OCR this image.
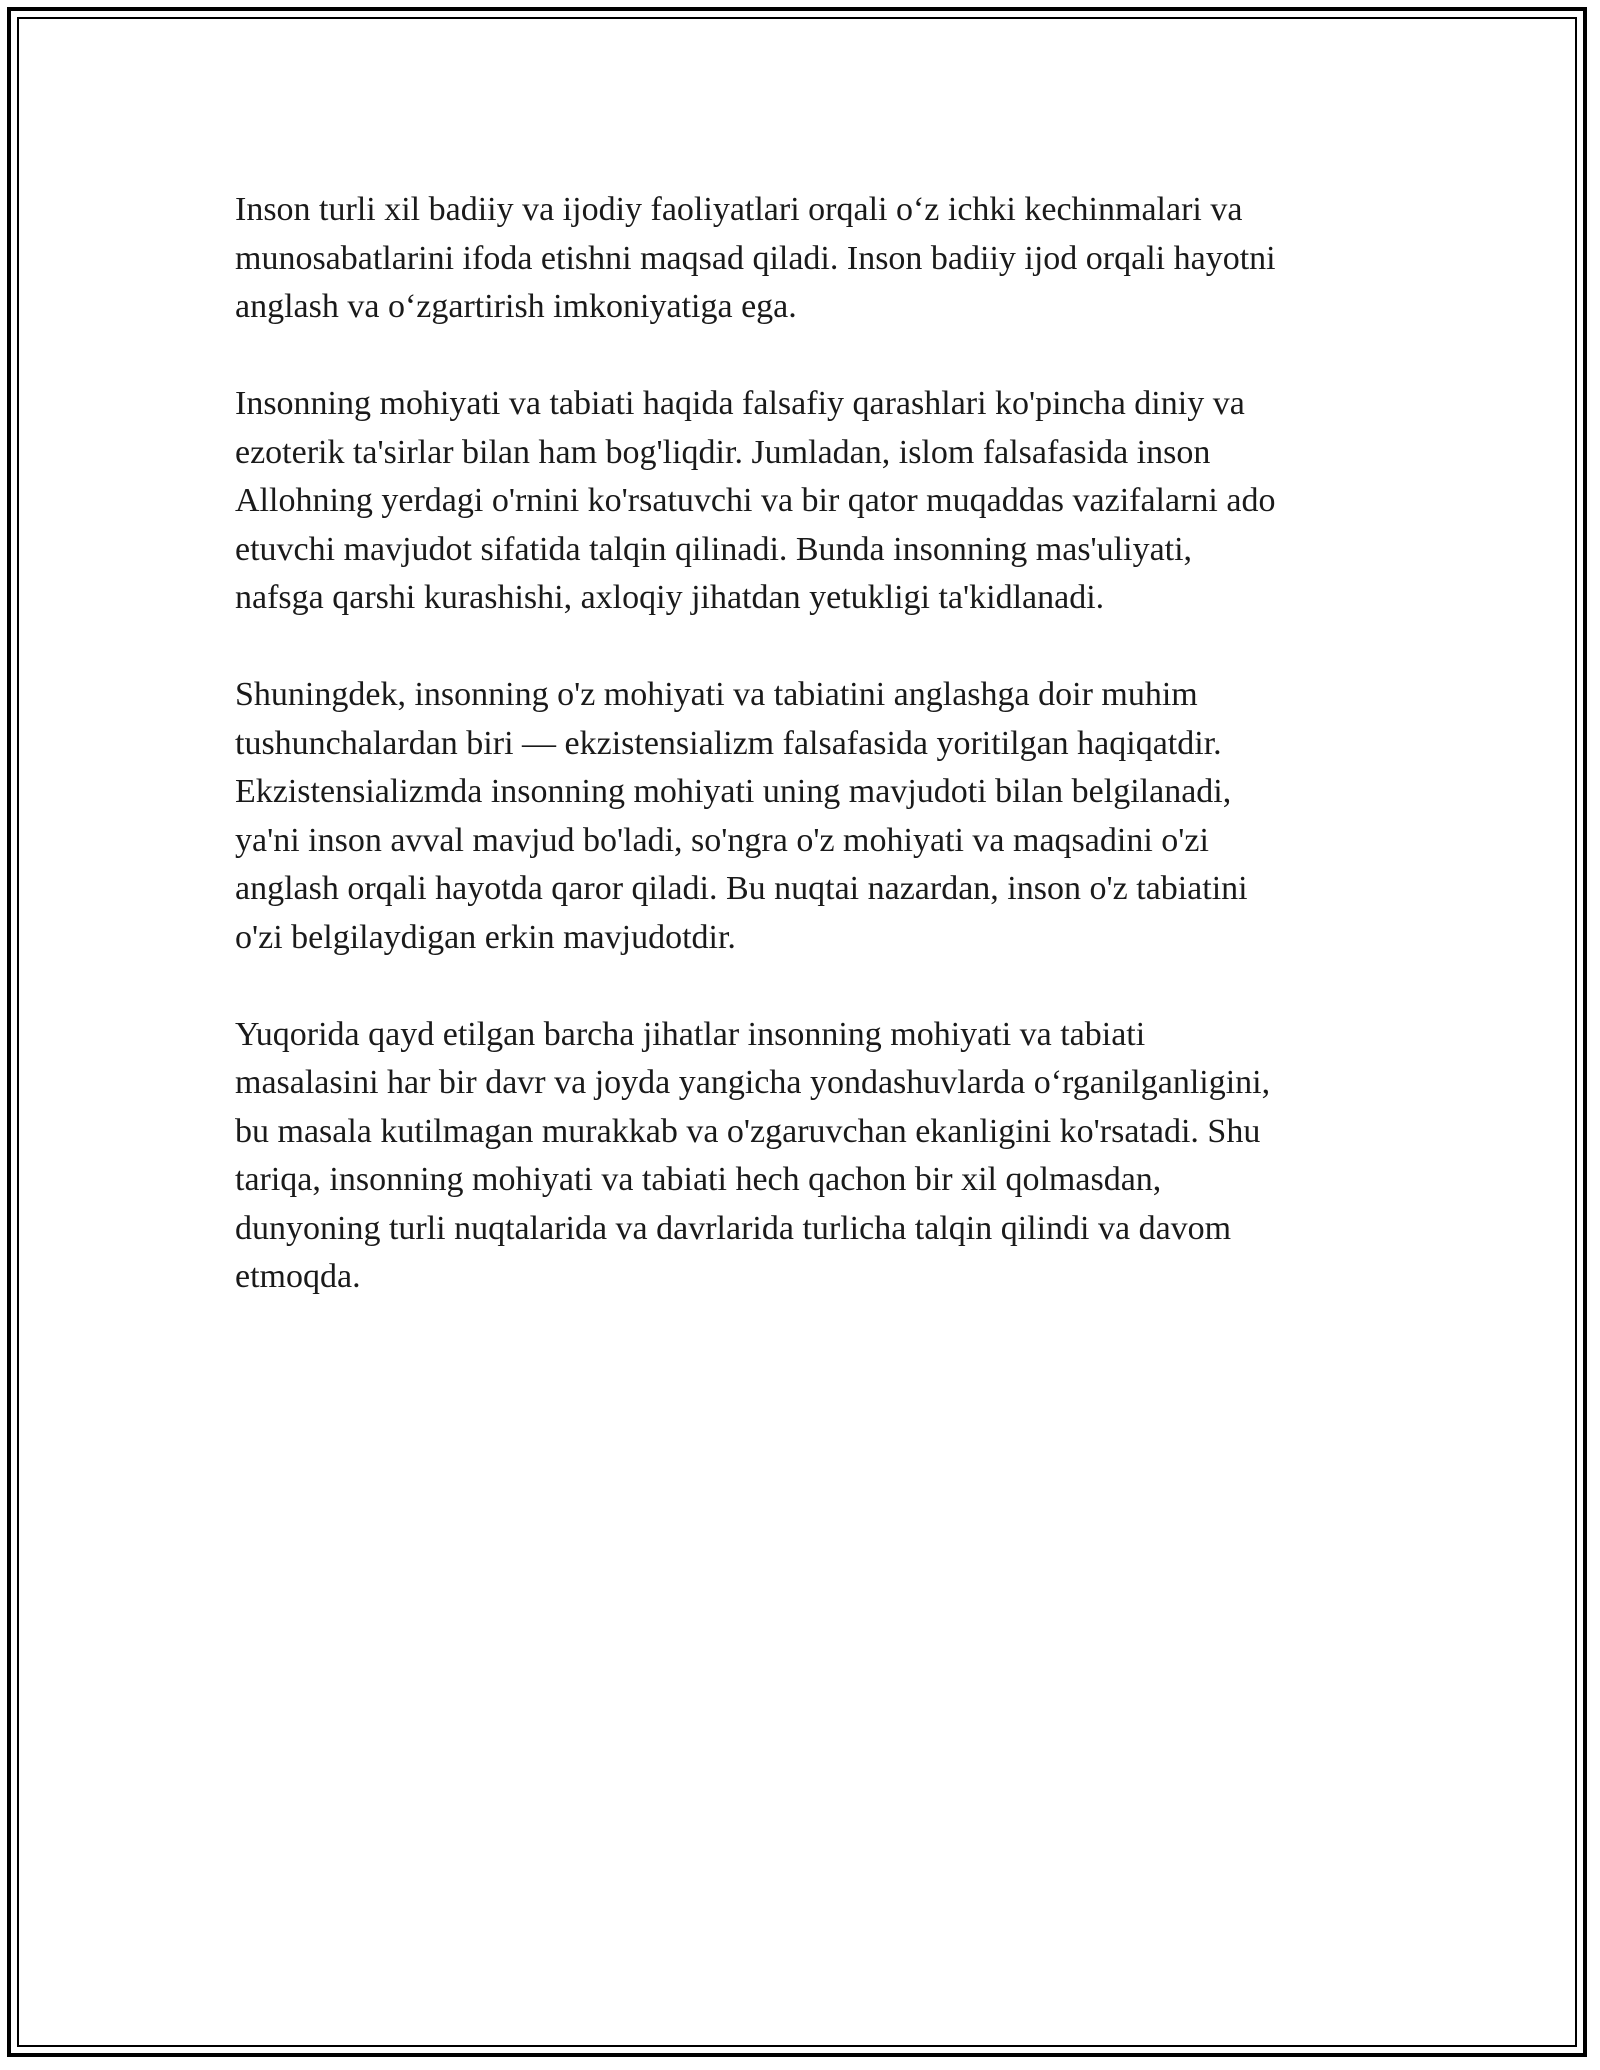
Inson turli xil badiiy va ijodiy faoliyatlari orqali o‘z ichki kechinmalari va
munosabatlarini ifoda etishni maqsad qiladi. Inson badiiy ijod orqali hayotni
anglash va o‘zgartirish imkoniyatiga ega.

Insonning mohiyati va tabiati haqida falsafiy qarashlari ko'pincha diniy va
ezoterik ta'sirlar bilan ham bog'liqdir. Jumladan, islom falsafasida inson
Allohning yerdagi o'rnini ko'rsatuvchi va bir qator muqaddas vazifalarni ado
etuvchi mavjudot sifatida talqin qilinadi. Bunda insonning mas'uliyati,
nafsga qarshi kurashishi, axloqiy jihatdan yetukligi ta'kidlanadi.

Shuningdek, insonning o'z mohiyati va tabiatini anglashga doir muhim
tushunchalardan biri — ekzistensializm falsafasida yoritilgan haqiqatdir.
Ekzistensializmda insonning mohiyati uning mavjudoti bilan belgilanadi,
ya'ni inson avval mavjud bo'ladi, so'ngra o'z mohiyati va maqsadini o'zi
anglash orqali hayotda qaror qiladi. Bu nuqtai nazardan, inson o'z tabiatini
o'zi belgilaydigan erkin mavjudotdir.

Yuqorida qayd etilgan barcha jihatlar insonning mohiyati va tabiati
masalasini har bir davr va joyda yangicha yondashuvlarda o‘rganilganligini,
bu masala kutilmagan murakkab va o'zgaruvchan ekanligini ko'rsatadi. Shu
tariqa, insonning mohiyati va tabiati hech qachon bir xil qolmasdan,
dunyoning turli nuqtalarida va davrlarida turlicha talqin qilindi va davom
etmoqda.
